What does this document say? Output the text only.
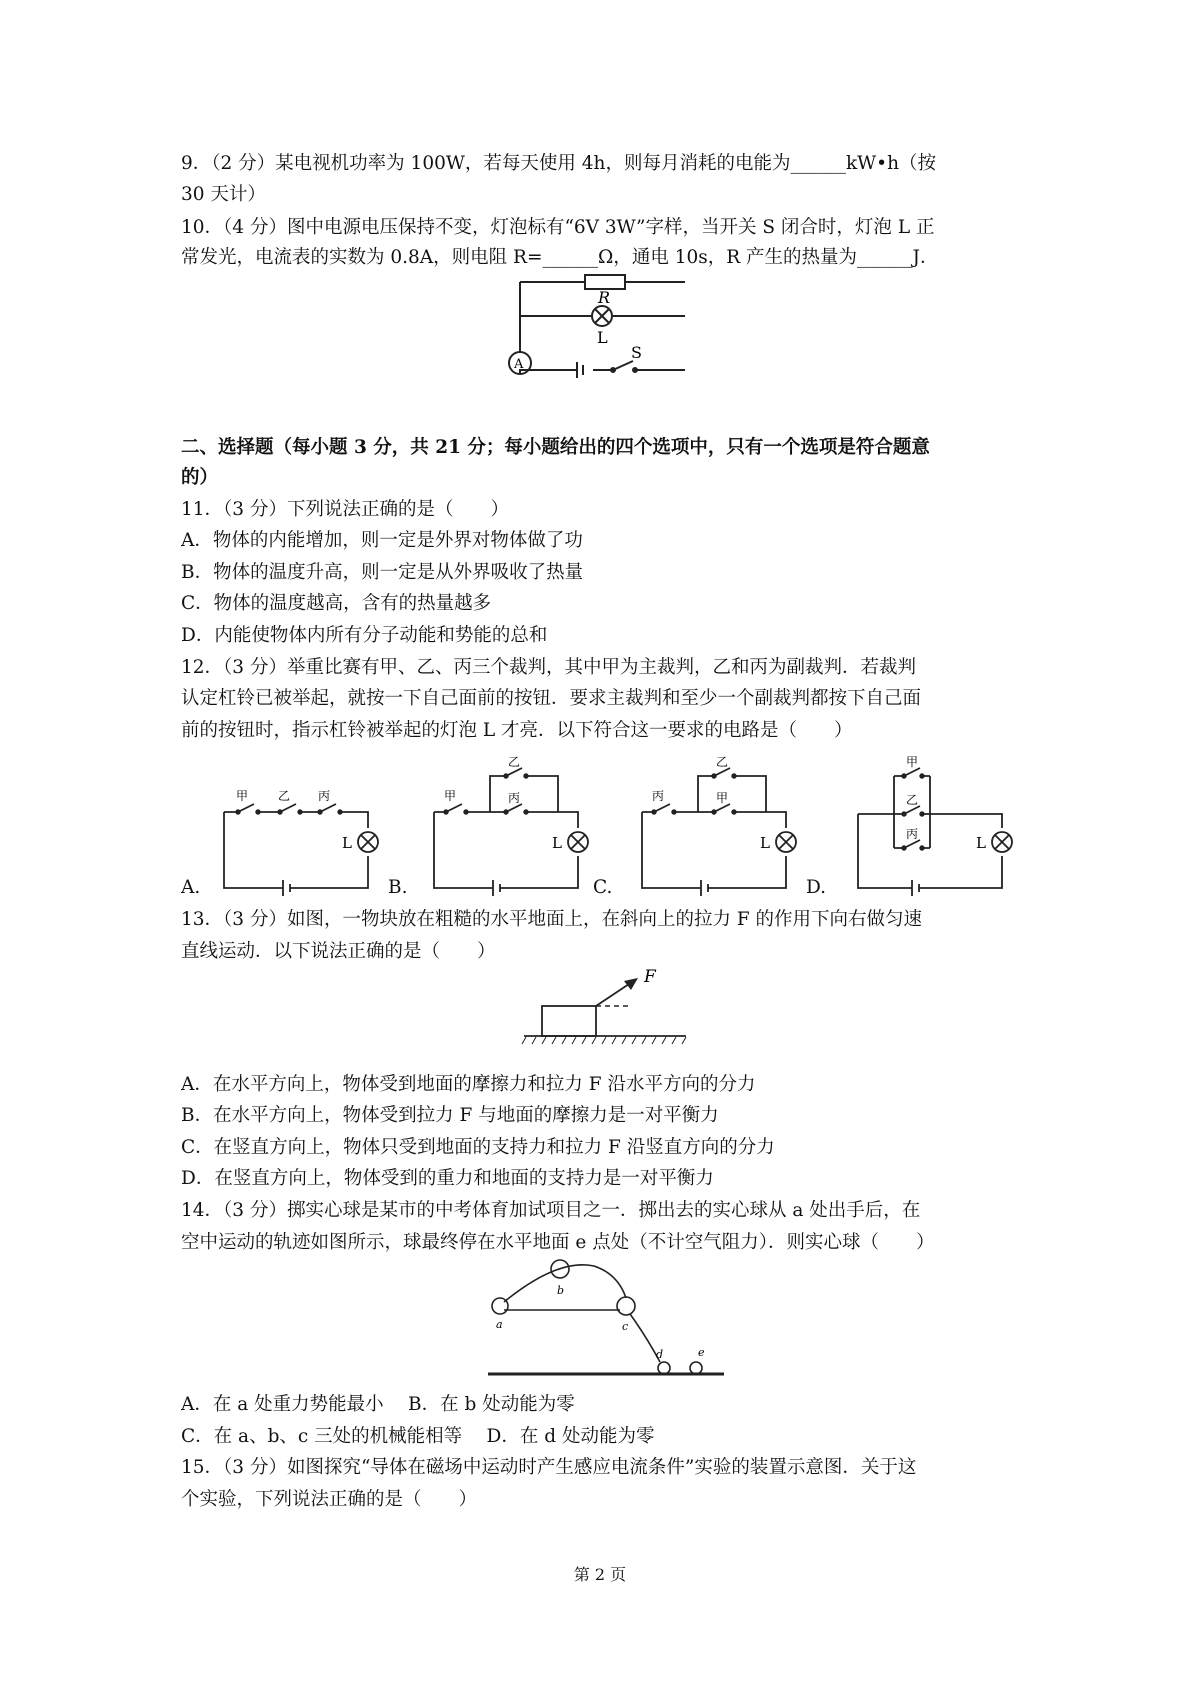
9．（2 分）某电视机功率为 100W，若每天使用 4h，则每月消耗的电能为______kW•h（按
30 天计）
10．（4 分）图中电源电压保持不变，灯泡标有“6V 3W”字样，当开关 S 闭合时，灯泡 L 正
常发光，电流表的实数为 0.8A，则电阻 R=______Ω，通电 10s，R 产生的热量为______J．
R
L
A
S
二、选择题（每小题 3 分，共 21 分；每小题给出的四个选项中，只有一个选项是符合题意
的）
11．（3 分）下列说法正确的是（　　）
A．物体的内能增加，则一定是外界对物体做了功
B．物体的温度升高，则一定是从外界吸收了热量
C．物体的温度越高，含有的热量越多
D．内能使物体内所有分子动能和势能的总和
12．（3 分）举重比赛有甲、乙、丙三个裁判，其中甲为主裁判，乙和丙为副裁判．若裁判
认定杠铃已被举起，就按一下自己面前的按钮．要求主裁判和至少一个副裁判都按下自己面
前的按钮时，指示杠铃被举起的灯泡 L 才亮．以下符合这一要求的电路是（　　）
A.	B.	C.	D.
甲 乙 丙
L
甲
乙
丙
L
丙
乙
甲
L
甲
乙
丙	L
13．（3 分）如图，一物块放在粗糙的水平地面上，在斜向上的拉力 F 的作用下向右做匀速
直线运动．以下说法正确的是（　　）
F
A．在水平方向上，物体受到地面的摩擦力和拉力 F 沿水平方向的分力
B．在水平方向上，物体受到拉力 F 与地面的摩擦力是一对平衡力
C．在竖直方向上，物体只受到地面的支持力和拉力 F 沿竖直方向的分力
D．在竖直方向上，物体受到的重力和地面的支持力是一对平衡力
14．（3 分）掷实心球是某市的中考体育加试项目之一．掷出去的实心球从 a 处出手后，在
空中运动的轨迹如图所示，球最终停在水平地面 e 点处（不计空气阻力）．则实心球（　　）
a
b
c
d	e
A．在 a 处重力势能最小　 B．在 b 处动能为零
C．在 a、b、c 三处的机械能相等　 D．在 d 处动能为零
15．（3 分）如图探究“导体在磁场中运动时产生感应电流条件”实验的装置示意图．关于这
个实验，下列说法正确的是（　　）
第 2 页
